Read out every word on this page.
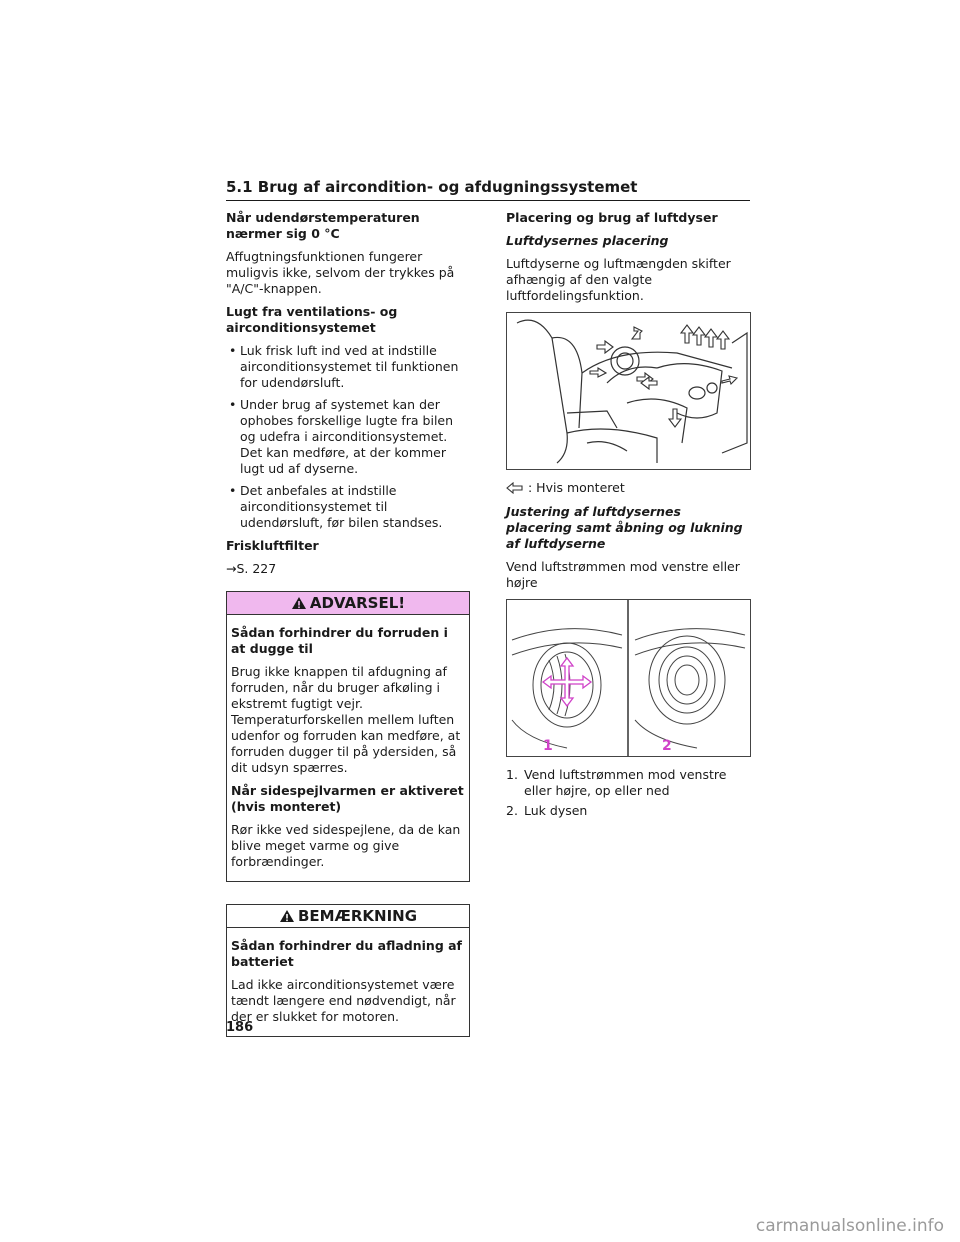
5.1 Brug af aircondition- og afdugningssystemet
Når udendørstemperaturen nærmer sig 0 °C

Affugtningsfunktionen fungerer muligvis ikke, selvom der trykkes på "A/C"-knappen.

Lugt fra ventilations- og airconditionsystemet
• Luk frisk luft ind ved at indstille airconditionsystemet til funktionen for udendørsluft.
• Under brug af systemet kan der ophobes forskellige lugte fra bilen og udefra i airconditionsystemet. Det kan medføre, at der kommer lugt ud af dyserne.
• Det anbefales at indstille airconditionsystemet til udendørsluft, før bilen standses.
Friskluftfilter

→S. 227

ADVARSEL!
Sådan forhindrer du forruden i at dugge til

Brug ikke knappen til afdugning af forruden, når du bruger afkøling i ekstremt fugtigt vejr. Temperaturforskellen mellem luften udenfor og forruden kan medføre, at forruden dugger til på ydersiden, så dit udsyn spærres.

Når sidespejlvarmen er aktiveret (hvis monteret)

Rør ikke ved sidespejlene, da de kan blive meget varme og give forbrændinger.

BEMÆRKNING
Sådan forhindrer du afladning af batteriet

Lad ikke airconditionsystemet være tændt længere end nødvendigt, når der er slukket for motoren.

Placering og brug af luftdyser
Luftdysernes placering

Luftdyserne og luftmængden skifter afhængig af den valgte luftfordelingsfunktion.

: Hvis monteret
Justering af luftdysernes placering samt åbning og lukning af luftdyserne

Vend luftstrømmen mod venstre eller højre

1	2
1. Vend luftstrømmen mod venstre eller højre, op eller ned
2. Luk dysen
186
carmanualsonline.info
